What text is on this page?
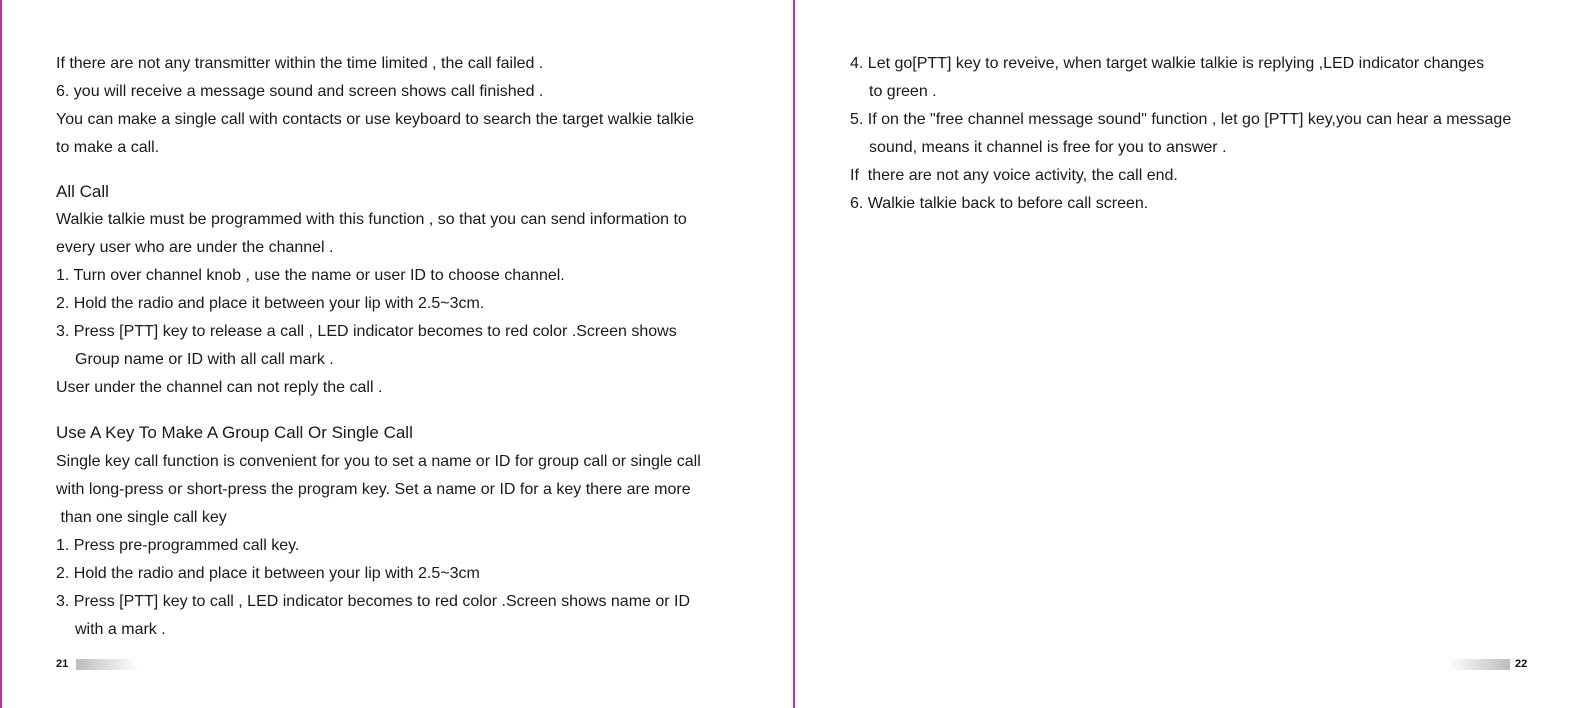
If there are not any transmitter within the time limited , the call failed .
6. you will receive a message sound and screen shows call finished .
You can make a single call with contacts or use keyboard to search the target walkie talkie
to make a call.
All Call
Walkie talkie must be programmed with this function , so that you can send information to
every user who are under the channel .
1. Turn over channel knob , use the name or user ID to choose channel.
2. Hold the radio and place it between your lip with 2.5~3cm.
3. Press [PTT] key to release a call , LED indicator becomes to red color .Screen shows
Group name or ID with all call mark .
User under the channel can not reply the call .
Use A Key To Make A Group Call Or Single Call
Single key call function is convenient for you to set a name or ID for group call or single call
with long-press or short-press the program key. Set a name or ID for a key there are more
than one single call key
1. Press pre-programmed call key.
2. Hold the radio and place it between your lip with 2.5~3cm
3. Press [PTT] key to call , LED indicator becomes to red color .Screen shows name or ID
with a mark .
21
4. Let go[PTT] key to reveive, when target walkie talkie is replying ,LED indicator changes
to green .
5. If on the "free channel message sound" function , let go [PTT] key,you can hear a message
sound, means it channel is free for you to answer .
If  there are not any voice activity, the call end.
6. Walkie talkie back to before call screen.
22
